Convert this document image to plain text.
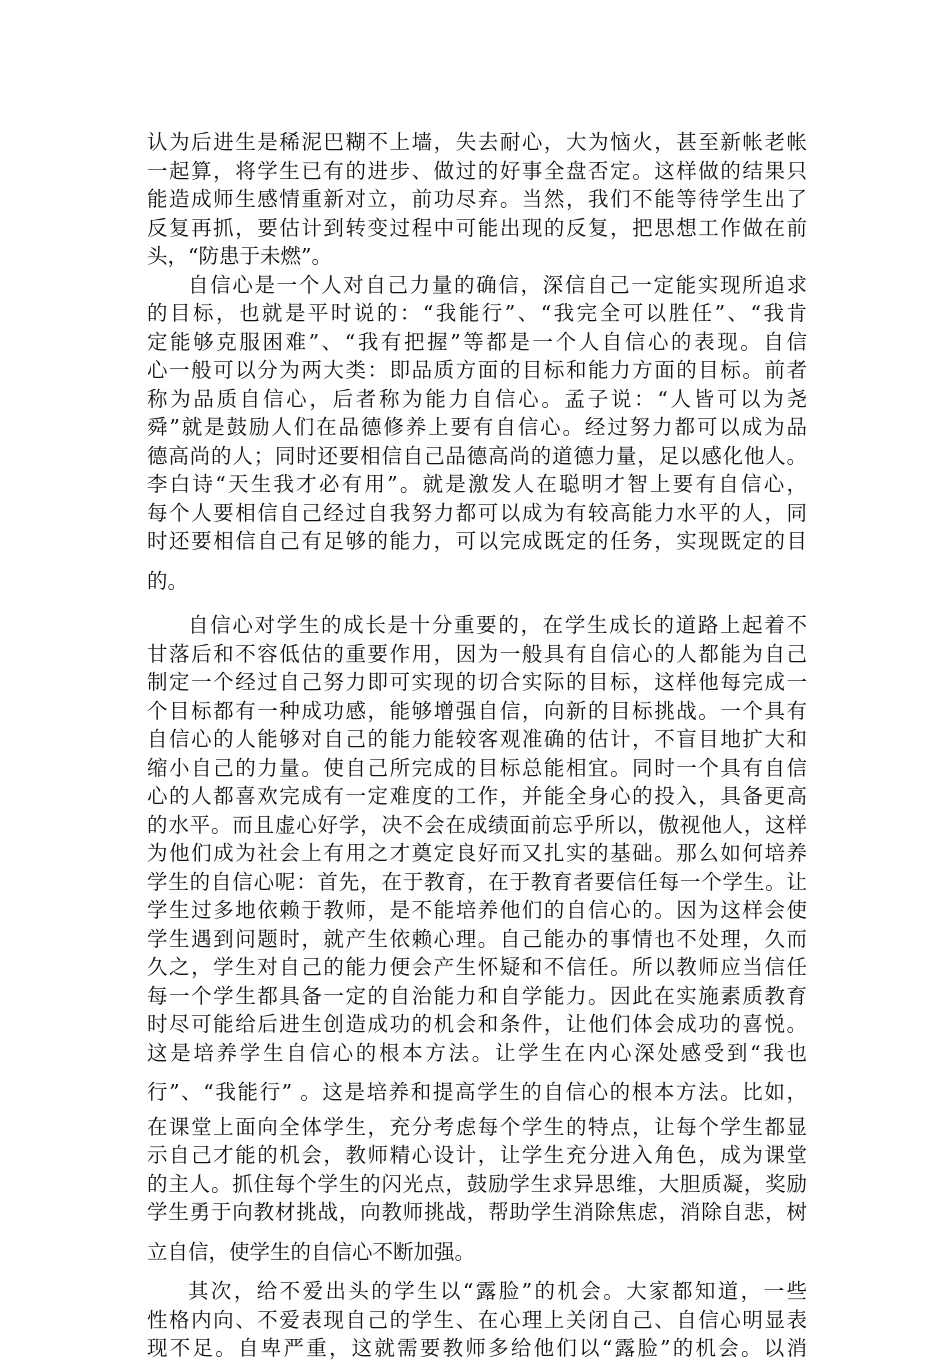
认为后进生是稀泥巴糊不上墙，失去耐心，大为恼火，甚至新帐老帐
一起算，将学生已有的进步、做过的好事全盘否定。这样做的结果只
能造成师生感情重新对立，前功尽弃。当然，我们不能等待学生出了
反复再抓，要估计到转变过程中可能出现的反复，把思想工作做在前
头，“防患于未燃”。
自信心是一个人对自己力量的确信，深信自己一定能实现所追求
的目标，也就是平时说的：“我能行”、“我完全可以胜任”、“我肯
定能够克服困难”、“我有把握”等都是一个人自信心的表现。自信
心一般可以分为两大类：即品质方面的目标和能力方面的目标。前者
称为品质自信心，后者称为能力自信心。孟子说：“人皆可以为尧
舜”就是鼓励人们在品德修养上要有自信心。经过努力都可以成为品
德高尚的人；同时还要相信自己品德高尚的道德力量，足以感化他人。
李白诗“天生我才必有用”。就是激发人在聪明才智上要有自信心，
每个人要相信自己经过自我努力都可以成为有较高能力水平的人，同
时还要相信自己有足够的能力，可以完成既定的任务，实现既定的目
的。
自信心对学生的成长是十分重要的，在学生成长的道路上起着不
甘落后和不容低估的重要作用，因为一般具有自信心的人都能为自己
制定一个经过自己努力即可实现的切合实际的目标，这样他每完成一
个目标都有一种成功感，能够增强自信，向新的目标挑战。一个具有
自信心的人能够对自己的能力能较客观准确的估计，不盲目地扩大和
缩小自己的力量。使自己所完成的目标总能相宜。同时一个具有自信
心的人都喜欢完成有一定难度的工作，并能全身心的投入，具备更高
的水平。而且虚心好学，决不会在成绩面前忘乎所以，傲视他人，这样
为他们成为社会上有用之才奠定良好而又扎实的基础。那么如何培养
学生的自信心呢：首先，在于教育，在于教育者要信任每一个学生。让
学生过多地依赖于教师，是不能培养他们的自信心的。因为这样会使
学生遇到问题时，就产生依赖心理。自己能办的事情也不处理，久而
久之，学生对自己的能力便会产生怀疑和不信任。所以教师应当信任
每一个学生都具备一定的自治能力和自学能力。因此在实施素质教育
时尽可能给后进生创造成功的机会和条件，让他们体会成功的喜悦。
这是培养学生自信心的根本方法。让学生在内心深处感受到“我也
行”、“我能行” 。这是培养和提高学生的自信心的根本方法。比如，
在课堂上面向全体学生，充分考虑每个学生的特点，让每个学生都显
示自己才能的机会，教师精心设计，让学生充分进入角色，成为课堂
的主人。抓住每个学生的闪光点，鼓励学生求异思维，大胆质凝，奖励
学生勇于向教材挑战，向教师挑战，帮助学生消除焦虑，消除自悲，树
立自信，使学生的自信心不断加强。
其次，给不爱出头的学生以“露脸”的机会。大家都知道，一些
性格内向、不爱表现自己的学生、在心理上关闭自己、自信心明显表
现不足。自卑严重，这就需要教师多给他们以“露脸”的机会。以消
